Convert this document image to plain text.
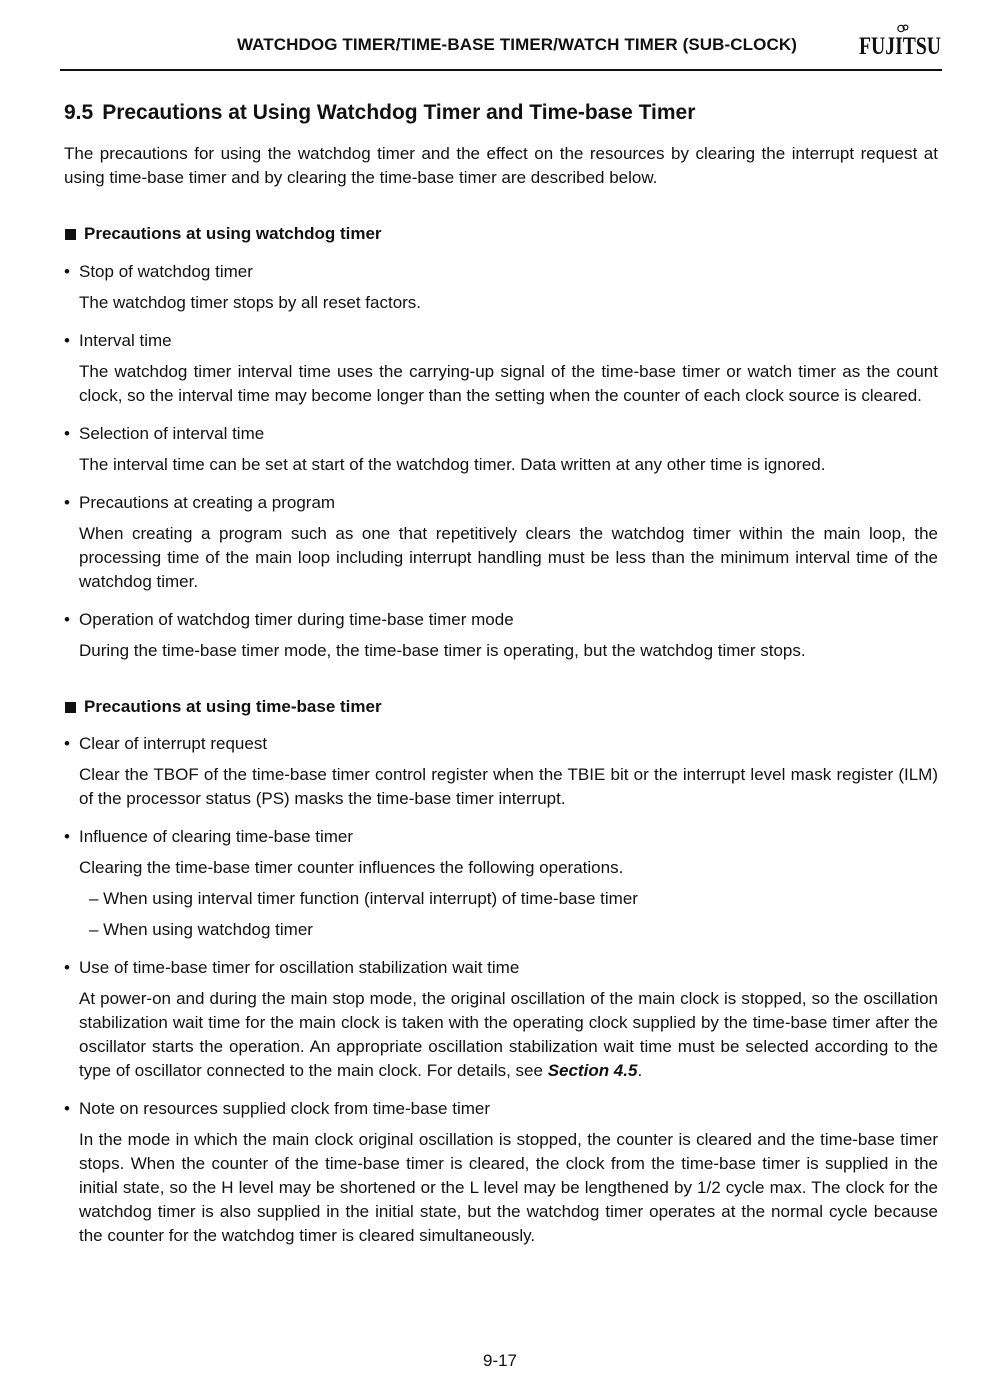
WATCHDOG TIMER/TIME-BASE TIMER/WATCH TIMER (SUB-CLOCK) FUJITSU
9.5 Precautions at Using Watchdog Timer and Time-base Timer

The precautions for using the watchdog timer and the effect on the resources by clearing the interrupt request at using time-base timer and by clearing the time-base timer are described below.

Precautions at using watchdog timer

• Stop of watchdog timer

The watchdog timer stops by all reset factors.

• Interval time

The watchdog timer interval time uses the carrying-up signal of the time-base timer or watch timer as the count clock, so the interval time may become longer than the setting when the counter of each clock source is cleared.

• Selection of interval time

The interval time can be set at start of the watchdog timer. Data written at any other time is ignored.

• Precautions at creating a program

When creating a program such as one that repetitively clears the watchdog timer within the main loop, the processing time of the main loop including interrupt handling must be less than the minimum interval time of the watchdog timer.

• Operation of watchdog timer during time-base timer mode

During the time-base timer mode, the time-base timer is operating, but the watchdog timer stops.

Precautions at using time-base timer

• Clear of interrupt request

Clear the TBOF of the time-base timer control register when the TBIE bit or the interrupt level mask register (ILM) of the processor status (PS) masks the time-base timer interrupt.

• Influence of clearing time-base timer

Clearing the time-base timer counter influences the following operations.

– When using interval timer function (interval interrupt) of time-base timer

– When using watchdog timer

• Use of time-base timer for oscillation stabilization wait time

At power-on and during the main stop mode, the original oscillation of the main clock is stopped, so the oscillation stabilization wait time for the main clock is taken with the operating clock supplied by the time-base timer after the oscillator starts the operation. An appropriate oscillation stabilization wait time must be selected according to the type of oscillator connected to the main clock. For details, see Section 4.5.

• Note on resources supplied clock from time-base timer

In the mode in which the main clock original oscillation is stopped, the counter is cleared and the time-base timer stops. When the counter of the time-base timer is cleared, the clock from the time-base timer is supplied in the initial state, so the H level may be shortened or the L level may be lengthened by 1/2 cycle max. The clock for the watchdog timer is also supplied in the initial state, but the watchdog timer operates at the normal cycle because the counter for the watchdog timer is cleared simultaneously.

9-17
